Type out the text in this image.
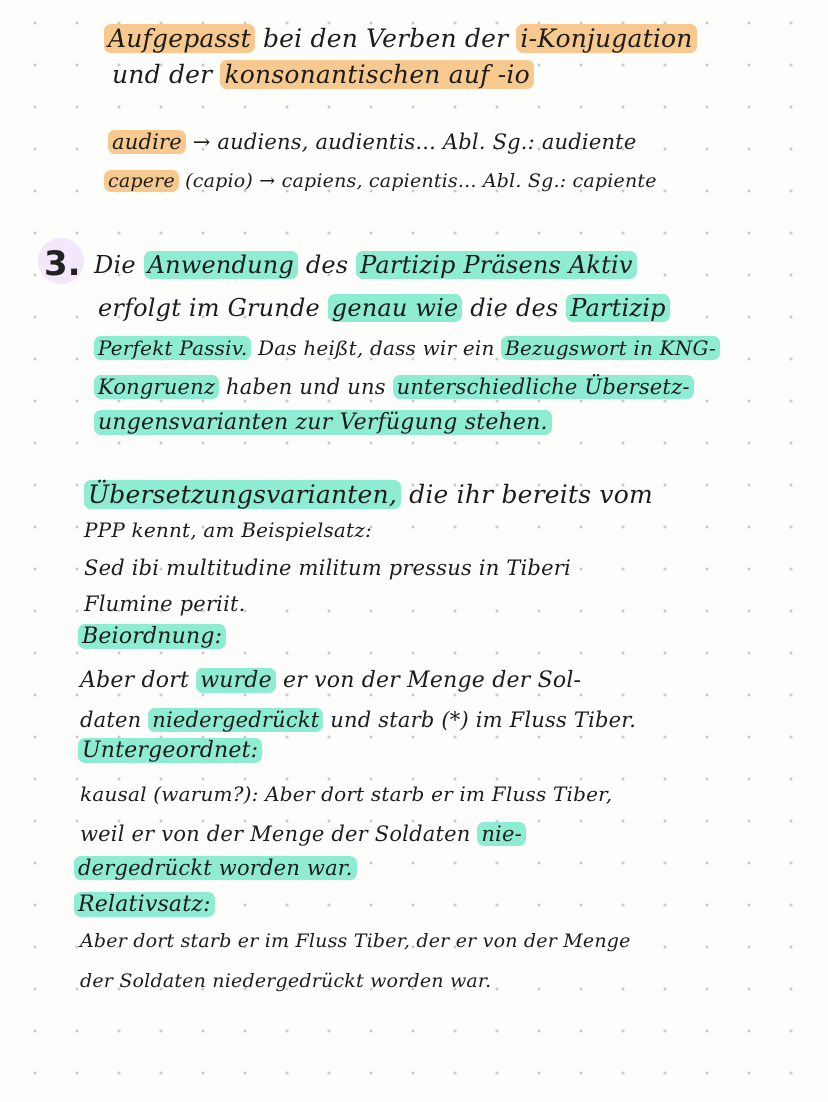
Aufgepasst bei den Verben der i-Konjugation
und der konsonantischen auf -io
audire → audiens, audientis... Abl. Sg.: audiente
capere (capio) → capiens, capientis... Abl. Sg.: capiente
3. Die Anwendung des Partizip Präsens Aktiv
erfolgt im Grunde genau wie die des Partizip
Perfekt Passiv. Das heißt, dass wir ein Bezugswort in KNG-
Kongruenz haben und uns unterschiedliche Übersetz-
ungensvarianten zur Verfügung stehen.
Übersetzungsvarianten, die ihr bereits vom
PPP kennt, am Beispielsatz:
Sed ibi multitudine militum pressus in Tiberi
Flumine periit.
Beiordnung:
Aber dort wurde er von der Menge der Sol-
daten niedergedrückt und starb (*) im Fluss Tiber.
Untergeordnet:
kausal (warum?): Aber dort starb er im Fluss Tiber,
weil er von der Menge der Soldaten nie-
dergedrückt worden war.
Relativsatz:
Aber dort starb er im Fluss Tiber, der er von der Menge
der Soldaten niedergedrückt worden war.
